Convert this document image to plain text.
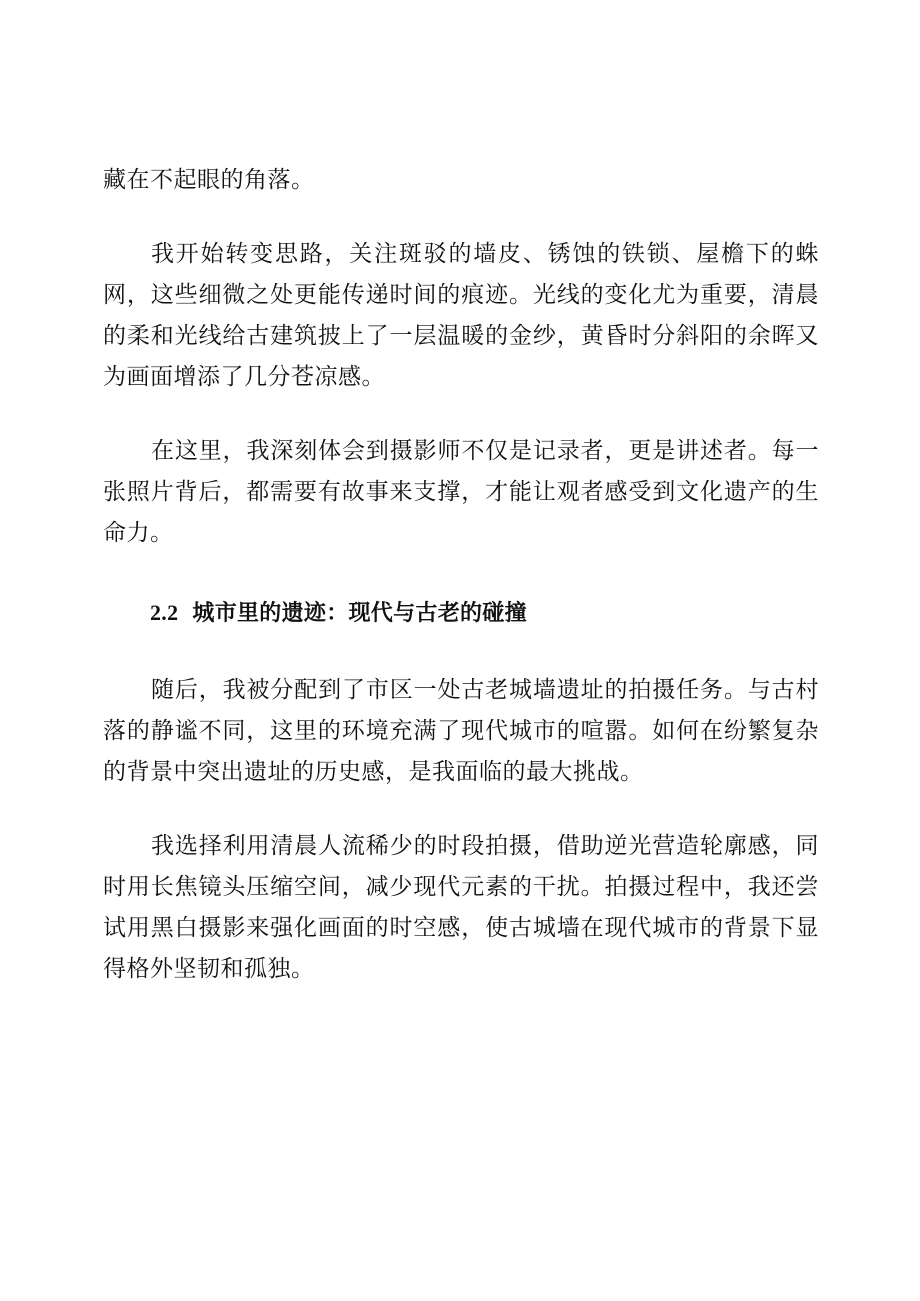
藏在不起眼的角落。

我开始转变思路，关注斑驳的墙皮、锈蚀的铁锁、屋檐下的蛛网，这些细微之处更能传递时间的痕迹。光线的变化尤为重要，清晨的柔和光线给古建筑披上了一层温暖的金纱，黄昏时分斜阳的余晖又为画面增添了几分苍凉感。

在这里，我深刻体会到摄影师不仅是记录者，更是讲述者。每一张照片背后，都需要有故事来支撑，才能让观者感受到文化遗产的生命力。

2.2 城市里的遗迹：现代与古老的碰撞

随后，我被分配到了市区一处古老城墙遗址的拍摄任务。与古村落的静谧不同，这里的环境充满了现代城市的喧嚣。如何在纷繁复杂的背景中突出遗址的历史感，是我面临的最大挑战。

我选择利用清晨人流稀少的时段拍摄，借助逆光营造轮廓感，同时用长焦镜头压缩空间，减少现代元素的干扰。拍摄过程中，我还尝试用黑白摄影来强化画面的时空感，使古城墙在现代城市的背景下显得格外坚韧和孤独。
